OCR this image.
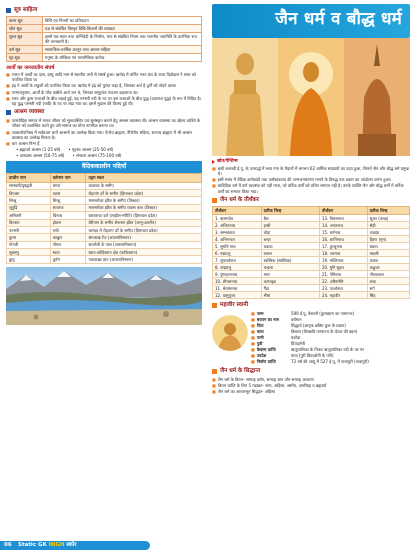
सूत्र साहित्य
कल्प सूत्र	विधि एवं नियमों का प्रतिपादन
श्रौत सूत्र	यज्ञ से संबंधित विस्तृत विधि-विधानों की व्याख्या
शुल्व सूत्र	इसमें यज्ञ स्थल तथा अग्निवेदी के निर्माण, माप से संबंधित नियम तथा भारतीय ज्यामिति के प्रारंभिक रूप की जानकारी है।
धर्म सूत्र	सामाजिक-धार्मिक कानून तथा आचार-संहिता
गृह सूत्र	मनुष्य के लौकिक एवं पारलौकिक कर्तव्य
आर्यों का जनजातीय संघर्ष
■ भारत में आर्यों का दास, दस्यु आदि नाम से स्थानीय जनों से संघर्ष हुआ। ऋग्वेद में वर्णित भरत वंश के राजा दिवोदास ने शंबर को पराजित किया था
■ इंद्र ने आर्यों के शत्रुओं को पराजित किया था। ऋग्वेद में इंद्र को पुरंदर कहा है, जिसका अर्थ है दुर्गों को तोड़ने वाला।
■ परम्परानुसार, आर्यों के पाँच कबीले आर्य जन थे, जिनका समूहपंच पंचजन कहलाता था।
■ भरत और त्रुत्स राजाओं के बीच लड़ाई हुई, यह परुष्णी नदी के तट पर दस राजाओं के बीच युद्ध (दाशराज्ञ युद्ध) के रूप में विदित है। यह युद्ध परुष्णी नदी (रावी) के तट पर लड़ा गया था। इसमें सुदास की विजय हुई थी।
आश्रम व्यवस्था
■ उत्तरवैदिक समाज में मानव जीवन को सुव्यवस्थित एवं सुसंस्कृत बनाने हेतु आश्रम व्यवस्था थी। आश्रम व्यवस्था का उद्देश्य व्यक्ति के जीवन को व्यवस्थित करते हुए उसे समाज का योग्य नागरिक बनाना था।
■ जाबालोपनिषद में सर्वप्रथम चारों आश्रमों का उल्लेख किया गया। ऐतरेय ब्राह्मण, तैत्तिरीय संहिता, शतपथ ब्राह्मण में भी आश्रम व्यवस्था का उल्लेख मिलता है।
■ चार आश्रम निम्न हैं
• ब्रह्मचर्य आश्रम (1-25 वर्ष) • गृहस्थ आश्रम (25-50 वर्ष)
• वानप्रस्थ आश्रम (50-75 वर्ष) • संन्यास आश्रम (75-100 वर्ष)
वैदिककालीन नदियाँ
प्राचीन नाम	वर्तमान नाम	उद्गम स्थल
सरस्वती/दृषद्वती	घग्घर	कालका के समीप
विपाशा	व्यास	रोहतांग दर्रे के समीप (हिमाचल प्रदेश)
सिन्धु	सिन्धु	मानसरोवर झील के समीप (तिब्बत)
शुतुद्रि	सतलज	मानसरोवर झील के समीप राकस ताल (तिब्बत)
असिक्नी	चिनाब	बारालाचा दर्रा (लाहौल-स्पीति) (हिमाचल प्रदेश)
वितस्ता	झेलम	बेरीनाग के समीप शेषनाग झील (जम्मू-कश्मीर)
परुष्णी	रावी	कांगड़ा में रोहतांग दर्रे के समीप (हिमाचल प्रदेश)
कुभा	काबुल	संगलाख रेंज (अफगानिस्तान)
गोमती	गोमल	सरतोली के पास (अफगानिस्तान)
सुवास्तु	स्वात	स्वात-कोहिस्तान क्षेत्र (पाकिस्तान)
क्रुमु	कुर्रम	पकताखा प्रांत (अफगानिस्तान)
जैन धर्म व बौद्ध धर्म
स्रोत/पेन्टिंग्स
■ छठी शताब्दी ई.पू. के उत्तरार्द्ध में मध्य गंगा के मैदानों में लगभग 62 धार्मिक संप्रदायों का उदय हुआ, जिनमें जैन और बौद्ध धर्म प्रमुख थे।
■ इसी समय में वैदिक कर्मकांडों तथा कर्मकांडवाद की जन्मजन्मांतरण मानने के विरुद्ध एक प्रकार का आंदोलन प्रारंभ हुआ।
■ ब्यदिदिक धर्म में वर्ण व्यवस्था को नहीं माना, जो वर्तिक वर्णों को प्रचिन समाप्त नहीं है। उनके व्यक्ति जैन और बौद्ध धर्मों में वर्तिक वर्णों का समाप्त किया गया।
जैन धर्म के तीर्थंकर
तीर्थंकर	प्रतीक चिन्ह	तीर्थंकर	प्रतीक चिन्ह
1. ऋषभदेव	बैल	13. विमलनाथ	सूअर (वराह)
2. अजितनाथ	हाथी	14. अनंतनाथ	सेही
3. सम्भवनाथ	घोड़ा	15. धर्मनाथ	वज्रदंड
4. अभिनन्दन	बन्दर	16. शान्तिनाथ	हिरण (मृग)
5. सुमति नाथ	चकवा	17. कुन्थुनाथ	बकरा
6. पद्मप्रभु	कमल	18. अरनाथ	मछली
7. सुपार्श्वनाथ	स्वस्तिक (स्वस्तिक)	19. मल्लिनाथ	कलश
8. चन्द्रप्रभु	चन्द्रमा	20. मुनि सुव्रत	कछुआ
9. पुष्पदन्तनाथ	मगर	21. नेमिनाथ	नीलकमल
10. शीतलनाथ	कल्पवृक्ष	22. अरिष्टनेमि	शंख
11. श्रेयांसनाथ	गैंडा	23. पार्श्वनाथ	सर्प
12. वासुपूज्य	भैंसा	24. महावीर	सिंह
महावीर स्वामी
■ जन्म	599 ई.पू. वैशाली (कुण्डग्राम का नामान्तर)
■ बचपन का नाम	वर्धमान
■ पिता	सिद्धार्थ (ज्ञातृक क्षत्रिय कुल के प्रधान)
■ माता	त्रिशला (लिच्छवि गणराज्य के चेटक की बहन)
■ पत्नी	यशोदा
■ पुत्री	प्रियदर्शनी
■ कैवल्य प्राप्ति	ऋजुपालिका के निकट ऋजुपालिका नदी के तट पर
■ उपदेश	पावा (पुरी प्रियदर्शनी के पति)
■ निर्वाण प्राप्ति	72 वर्ष की आयु में 527 ई.पू. में पावापुरी (पावापुरी)
जैन धर्म के सिद्धान्त
■ जैन धर्म के त्रिरत्न- सम्यक् दर्शन, सम्यक् ज्ञान और सम्यक् आचरण
■ त्रिरत्न प्राप्ति के लिए 5 महाव्रत- सत्य, अहिंसा, अस्तेय, अपरिग्रह व ब्रह्मचर्य
■ जैन धर्म का आधारभूत सिद्धांत- अहिंसा
06 Static GK HIGH स्कोर
